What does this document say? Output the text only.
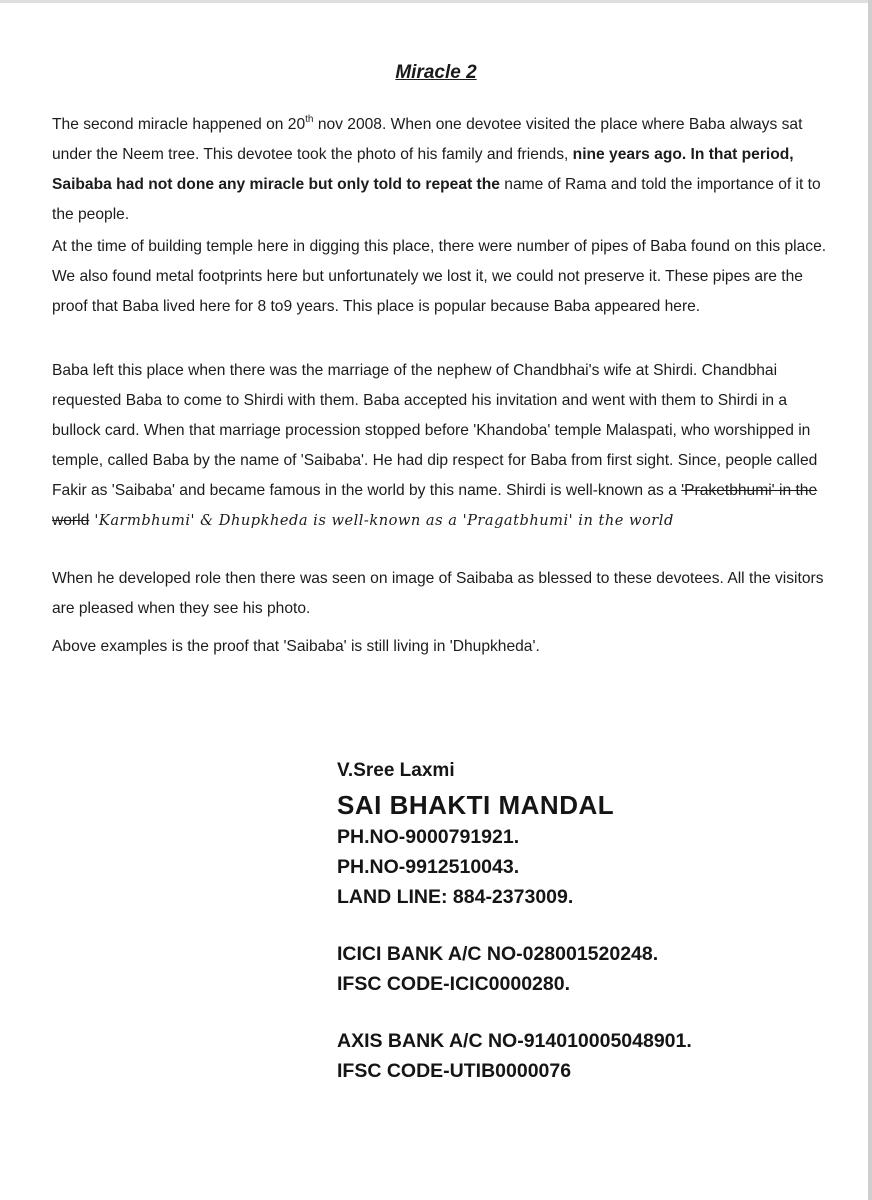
Miracle 2

The second miracle happened on 20th nov 2008. When one devotee visited the place where Baba always sat under the Neem tree. This devotee took the photo of his family and friends, nine years ago. In that period, Saibaba had not done any miracle but only told to repeat the name of Rama and told the importance of it to the people.

At the time of building temple here in digging this place, there were number of pipes of Baba found on this place. We also found metal footprints here but unfortunately we lost it, we could not preserve it. These pipes are the proof that Baba lived here for 8 to9 years. This place is popular because Baba appeared here.

Baba left this place when there was the marriage of the nephew of Chandbhai's wife at Shirdi. Chandbhai requested Baba to come to Shirdi with them. Baba accepted his invitation and went with them to Shirdi in a bullock card. When that marriage procession stopped before 'Khandoba' temple Malaspati, who worshipped in temple, called Baba by the name of 'Saibaba'. He had dip respect for Baba from first sight. Since, people called Fakir as 'Saibaba' and became famous in the world by this name. Shirdi is well-known as a 'Praketbhumi' in the world 'Karmbhumi' & Dhupkheda is well-known as a 'Pragatbhumi' in the world

When he developed role then there was seen on image of Saibaba as blessed to these devotees. All the visitors are pleased when they see his photo.

Above examples is the proof that 'Saibaba' is still living in 'Dhupkheda'.

V.Sree Laxmi
SAI BHAKTI MANDAL
PH.NO-9000791921.
PH.NO-9912510043.
LAND LINE: 884-2373009.
ICICI BANK A/C NO-028001520248.
IFSC CODE-ICIC0000280.
AXIS BANK A/C NO-914010005048901.
IFSC CODE-UTIB0000076
